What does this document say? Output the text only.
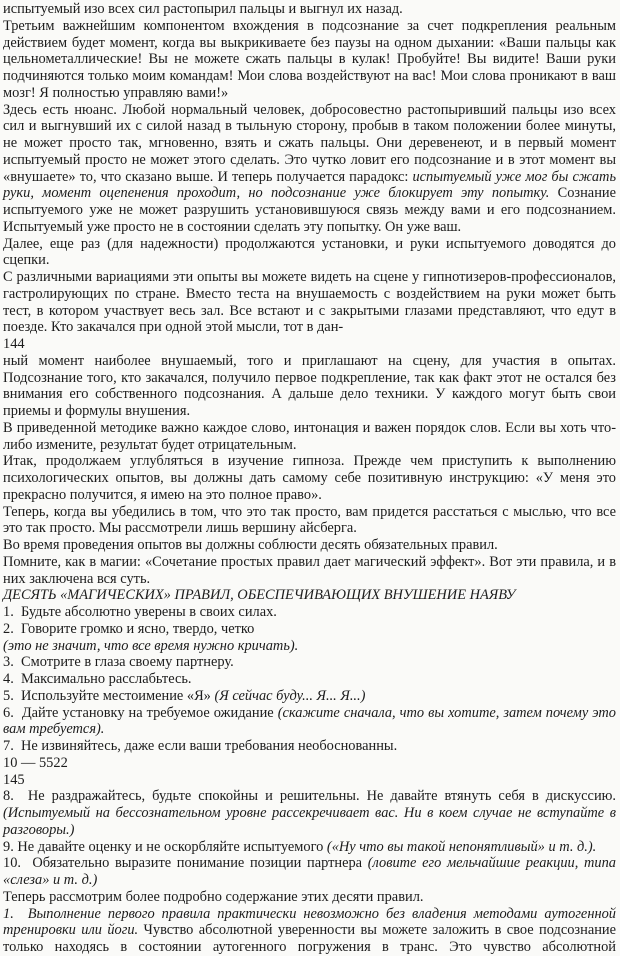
испытуемый изо всех сил растопырил пальцы и выгнул их назад.

Третьим важнейшим компонентом вхождения в подсознание за счет подкрепления реальным действием будет момент, когда вы выкрикиваете без паузы на одном дыхании: «Ваши пальцы как цельнометаллические! Вы не можете сжать пальцы в кулак! Пробуйте! Вы видите! Ваши руки подчиняются только моим командам! Мои слова воздействуют на вас! Мои слова проникают в ваш мозг! Я полностью управляю вами!»

Здесь есть нюанс. Любой нормальный человек, добросовестно растопыривший пальцы изо всех сил и выгнувший их с силой назад в тыльную сторону, пробыв в таком положении более минуты, не может просто так, мгновенно, взять и сжать пальцы. Они деревенеют, и в первый момент испытуемый просто не может этого сделать. Это чутко ловит его подсознание и в этот момент вы «внушаете» то, что сказано выше. И теперь получается парадокс: испытуемый уже мог бы сжать руки, момент оцепенения проходит, но подсознание уже блокирует эту попытку. Сознание испытуемого уже не может разрушить установившуюся связь между вами и его подсознанием. Испытуемый уже просто не в состоянии сделать эту попытку. Он уже ваш.

Далее, еще раз (для надежности) продолжаются установки, и руки испытуемого доводятся до сцепки.

С различными вариациями эти опыты вы можете видеть на сцене у гипнотизеров-профессионалов, гастролирующих по стране. Вместо теста на внушаемость с воздействием на руки может быть тест, в котором участвует весь зал. Все встают и с закрытыми глазами представляют, что едут в поезде. Кто закачался при одной этой мысли, тот в дан-

144

ный момент наиболее внушаемый, того и приглашают на сцену, для участия в опытах. Подсознание того, кто закачался, получило первое подкрепление, так как факт этот не остался без внимания его собственного подсознания. А дальше дело техники. У каждого могут быть свои приемы и формулы внушения.

В приведенной методике важно каждое слово, интонация и важен порядок слов. Если вы хоть что-либо измените, результат будет отрицательным.

Итак, продолжаем углубляться в изучение гипноза. Прежде чем приступить к выполнению психологических опытов, вы должны дать самому себе позитивную инструкцию: «У меня это прекрасно получится, я имею на это полное право».

Теперь, когда вы убедились в том, что это так просто, вам придется расстаться с мыслью, что все это так просто. Мы рассмотрели лишь вершину айсберга.

Во время проведения опытов вы должны соблюсти десять обязательных правил.

Помните, как в магии: «Сочетание простых правил дает магический эффект». Вот эти правила, и в них заключена вся суть.

ДЕСЯТЬ «МАГИЧЕСКИХ» ПРАВИЛ, ОБЕСПЕЧИВАЮЩИХ ВНУШЕНИЕ НАЯВУ

1.  Будьте абсолютно уверены в своих силах.

2.  Говорите громко и ясно, твердо, четко

(это не значит, что все время нужно кричать).

3.  Смотрите в глаза своему партнеру.

4.  Максимально расслабьтесь.

5.  Используйте местоимение «Я» (Я сейчас буду... Я... Я...)

6.  Дайте установку на требуемое ожидание (скажите сначала, что вы хотите, затем почему это вам требуется).

7.  Не извиняйтесь, даже если ваши требования необоснованны.

10 — 5522

145

8.  Не раздражайтесь, будьте спокойны и решительны. Не давайте втянуть себя в дискуссию. (Испытуемый на бессознательном уровне рассекречивает вас. Ни в коем случае не вступайте в разговоры.)

9. Не давайте оценку и не оскорбляйте испытуемого («Ну что вы такой непонятливый» и т. д.).

10.  Обязательно выразите понимание позиции партнера (ловите его мельчайшие реакции, типа «слеза» и т. д.)

Теперь рассмотрим более подробно содержание этих десяти правил.

1.  Выполнение первого правила практически невозможно без владения методами аутогенной тренировки или йоги. Чувство абсолютной уверенности вы можете заложить в свое подсознание только находясь в состоянии аутогенного погружения в транс. Это чувство абсолютной
